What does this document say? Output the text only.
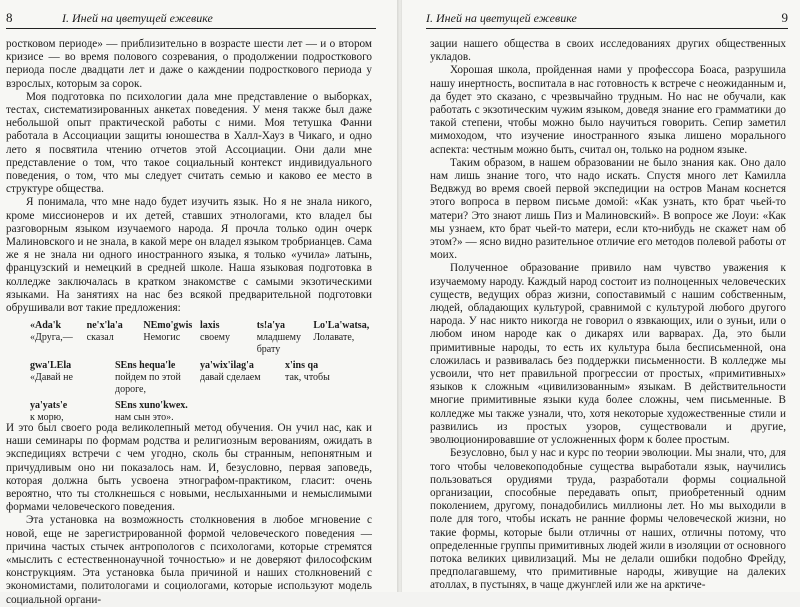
8	I. Иней на цветущей ежевике

ростковом периоде» — приблизительно в возрасте шести лет — и о втором кризисе — во время полового созревания, о продолжении подросткового периода после двадцати лет и даже о каждении подросткового периода у взрослых, которым за сорок.

Моя подготовка по психологии дала мне представление о выборках, тестах, систематизированных анкетах поведения. У меня также был даже небольшой опыт практической работы с ними. Моя тетушка Фанни работала в Ассоциации защиты юношества в Халл-Хауз в Чикаго, и одно лето я посвятила чтению отчетов этой Ассоциации. Они дали мне представление о том, что такое социальный контекст индивидуального поведения, о том, что мы следует считать семью и каково ее место в структуре общества.

Я понимала, что мне надо будет изучить язык. Но я не знала никого, кроме миссионеров и их детей, ставших этнологами, кто владел бы разговорным языком изучаемого народа. Я прочла только один очерк Малиновского и не знала, в какой мере он владел языком тробрианцев. Сама же я не знала ни одного иностранного языка, я только «учила» латынь, французский и немецкий в средней школе. Наша языковая подготовка в колледже заключалась в кратком знакомстве с самыми экзотическими языками. На занятиях на нас без всякой предварительной подготовки обрушивали вот такие предложения:

«Ada'k
«Друга,—
ne'x'la'a
сказал
NEmo'gwis
Немогис
laxis
своему
ts!a'ya
младшему брату
Lo'La'watsa,
Лолавате,
gwa'LEla
«Давай не
SEns hequa'le
пойдем по этой дороге,
ya'wix'ilag'a
давай сделаем
x'ins qa
так, чтобы
ya'yats'e
к морю,
SEns xuno'kwex.
нам сын это».

И это был своего рода великолепный метод обучения. Он учил нас, как и наши семинары по формам родства и религиозным верованиям, ожидать в экспедициях встречи с чем угодно, сколь бы странным, непонятным и причудливым оно ни показалось нам. И, безусловно, первая заповедь, которая должна быть усвоена этнографом-практиком, гласит: очень вероятно, что ты столкнешься с новыми, неслыханными и немыслимыми формами человеческого поведения.

Эта установка на возможность столкновения в любое мгновение с новой, еще не зарегистрированной формой человеческого поведения — причина частых стычек антропологов с психологами, которые стремятся «мыслить с естественнонаучной точностью» и не доверяют философским конструкциям. Эта установка была причиной и наших столкновений с экономистами, политологами и социологами, которые используют модель социальной органи-

I. Иней на цветущей ежевике	9

зации нашего общества в своих исследованиях других общественных укладов.

Хорошая школа, пройденная нами у профессора Боаса, разрушила нашу инертность, воспитала в нас готовность к встрече с неожиданным и, да будет это сказано, с чрезвычайно трудным. Но нас не обучали, как работать с экзотическим чужим языком, доведя знание его грамматики до такой степени, чтобы можно было научиться говорить. Сепир заметил мимоходом, что изучение иностранного языка лишено морального аспекта: честным можно быть, считал он, только на родном языке.

Таким образом, в нашем образовании не было знания как. Оно дало нам лишь знание того, что надо искать. Спустя много лет Камилла Ведвжуд во время своей первой экспедиции на остров Манам коснется этого вопроса в первом письме домой: «Как узнать, кто брат чьей-то матери? Это знают лишь Пиз и Малиновский». В вопросе же Лоуи: «Как мы узнаем, кто брат чьей-то матери, если кто-нибудь не скажет нам об этом?» — ясно видно разительное отличие его методов полевой работы от моих.

Полученное образование привило нам чувство уважения к изучаемому народу. Каждый народ состоит из полноценных человеческих существ, ведущих образ жизни, сопоставимый с нашим собственным, людей, обладающих культурой, сравнимой с культурой любого другого народа. У нас никто никогда не говорил о язвкающих, или о зуньи, или о любом ином народе как о дикарях или варварах. Да, это были примитивные народы, то есть их культура была бесписьменной, она сложилась и развивалась без поддержки письменности. В колледже мы усвоили, что нет правильной прогрессии от простых, «примитивных» языков к сложным «цивилизованным» языкам. В действительности многие примитивные языки куда более сложны, чем письменные. В колледже мы также узнали, что, хотя некоторые художественные стили и развились из простых узоров, существовали и другие, эволюционировавшие от усложненных форм к более простым.

Безусловно, был у нас и курс по теории эволюции. Мы знали, что, для того чтобы человекоподобные существа выработали язык, научились пользоваться орудиями труда, разработали формы социальной организации, способные передавать опыт, приобретенный одним поколением, другому, понадобились миллионы лет. Но мы выходили в поле для того, чтобы искать не ранние формы человеческой жизни, но такие формы, которые были отличны от наших, отличны потому, что определенные группы примитивных людей жили в изоляции от основного потока великих цивилизаций. Мы не делали ошибки подобно Фрейду, предполагавшему, что примитивные народы, живущие на далеких атоллах, в пустынях, в чаще джунглей или же на арктиче-
